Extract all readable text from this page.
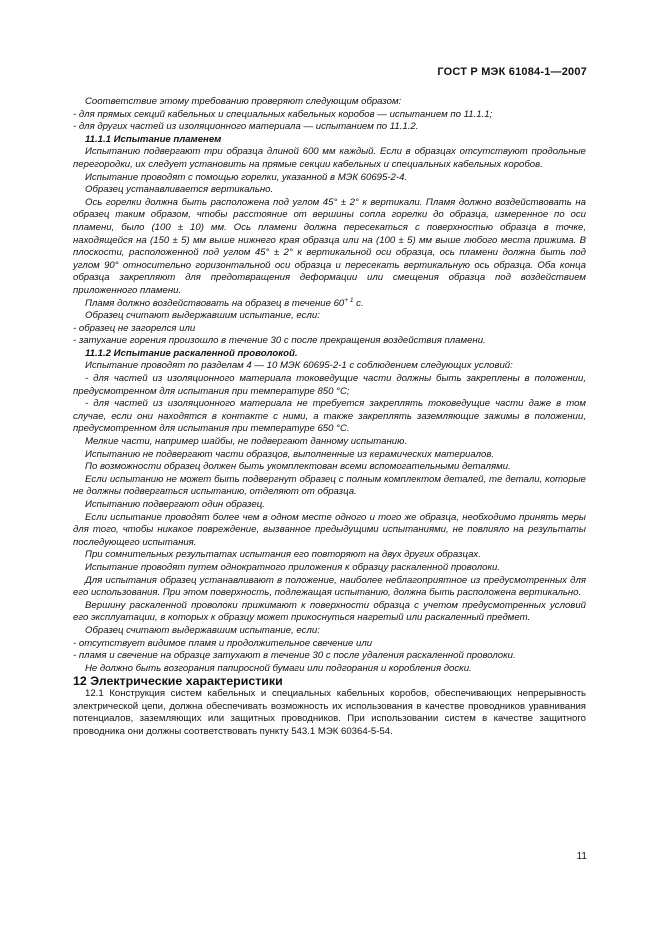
ГОСТ Р МЭК 61084-1—2007

Соответствие этому требованию проверяют следующим образом:

- для прямых секций кабельных и специальных кабельных коробов — испытанием по 11.1.1;

- для других частей из изоляционного материала — испытанием по 11.1.2.

11.1.1 Испытание пламенем

Испытанию подвергают три образца длиной 600 мм каждый. Если в образцах отсутствуют продольные перегородки, их следует установить на прямые секции кабельных и специальных кабельных коробов.

Испытание проводят с помощью горелки, указанной в МЭК 60695-2-4.

Образец устанавливается вертикально.

Ось горелки должна быть расположена под углом 45° ± 2° к вертикали. Пламя должно воздействовать на образец таким образом, чтобы расстояние от вершины сопла горелки до образца, измеренное по оси пламени, было (100 ± 10) мм. Ось пламени должна пересекаться с поверхностью образца в точке, находящейся на (150 ± 5) мм выше нижнего края образца или на (100 ± 5) мм выше любого места прижима. В плоскости, расположенной под углом 45° ± 2° к вертикальной оси образца, ось пламени должна быть под углом 90° относительно горизонтальной оси образца и пересекать вертикальную ось образца. Оба конца образца закрепляют для предотвращения деформации или смещения образца под воздействием приложенного пламени.

Пламя должно воздействовать на образец в течение $60^{+ 1}$ с.

Образец считают выдержавшим испытание, если:

- образец не загорелся или

- затухание горения произошло в течение 30 с после прекращения воздействия пламени.

11.1.2 Испытание раскаленной проволокой.

Испытание проводят по разделам 4 — 10 МЭК 60695-2-1 с соблюдением следующих условий:

- для частей из изоляционного материала токоведущие части должны быть закреплены в положении, предусмотренном для испытания при температуре 850 °С;

- для частей из изоляционного материала не требуется закреплять токоведущие части даже в том случае, если они находятся в контакте с ними, а также закреплять заземляющие зажимы в положении, предусмотренном для испытания при температуре 650 °С.

Мелкие части, например шайбы, не подвергают данному испытанию.

Испытанию не подвергают части образцов, выполненные из керамических материалов.

По возможности образец должен быть укомплектован всеми вспомогательными деталями.

Если испытанию не может быть подвергнут образец с полным комплектом деталей, те детали, которые не должны подвергаться испытанию, отделяют от образца.

Испытанию подвергают один образец.

Если испытание проводят более чем в одном месте одного и того же образца, необходимо принять меры для того, чтобы никакое повреждение, вызванное предыдущими испытаниями, не повлияло на результаты последующего испытания.

При сомнительных результатах испытания его повторяют на двух других образцах.

Испытание проводят путем однократного приложения к образцу раскаленной проволоки.

Для испытания образец устанавливают в положение, наиболее неблагоприятное из предусмотренных для его использования. При этом поверхность, подлежащая испытанию, должна быть расположена вертикально.

Вершину раскаленной проволоки прижимают к поверхности образца с учетом предусмотренных условий его эксплуатации, в которых к образцу может прикоснуться нагретый или раскаленный предмет.

Образец считают выдержавшим испытание, если:

- отсутствует видимое пламя и продолжительное свечение или

- пламя и свечение на образце затухают в течение 30 с после удаления раскаленной проволоки.

Не должно быть возгорания папиросной бумаги или подгорания и коробления доски.

12 Электрические характеристики

12.1 Конструкция систем кабельных и специальных кабельных коробов, обеспечивающих непрерывность электрической цепи, должна обеспечивать возможность их использования в качестве проводников уравнивания потенциалов, заземляющих или защитных проводников. При использовании систем в качестве защитного проводника они должны соответствовать пункту 543.1 МЭК 60364-5-54.

11
